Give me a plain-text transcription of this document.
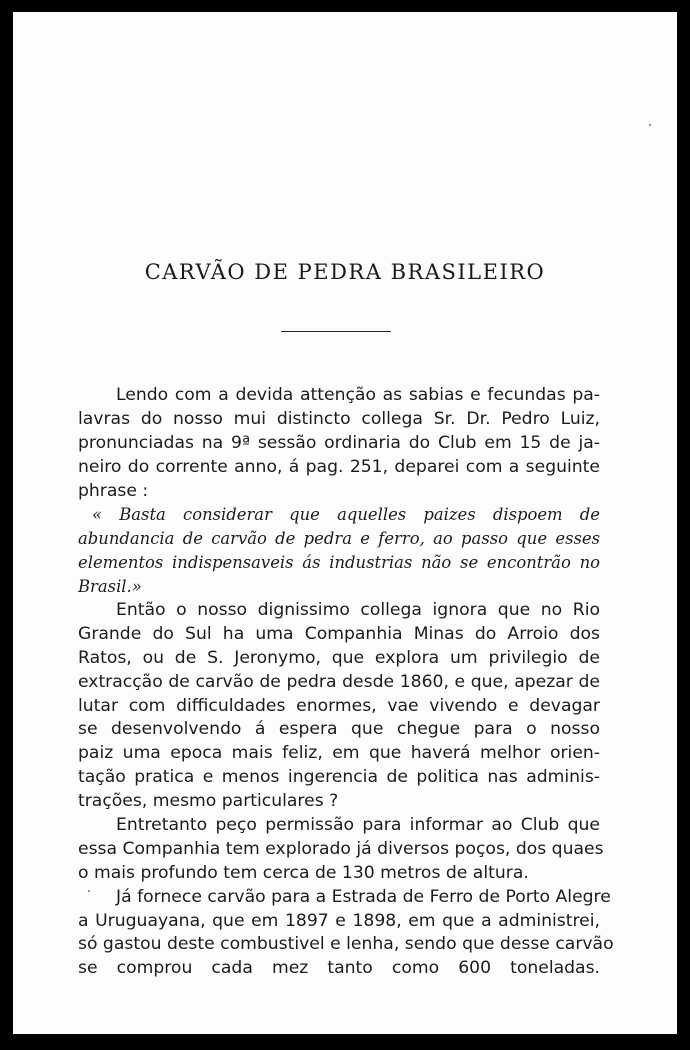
CARVÃO DE PEDRA BRASILEIRO
Lendo com a devida attenção as sabias e fecundas pa-
lavras do nosso mui distincto collega Sr. Dr. Pedro Luiz,
pronunciadas na 9ª sessão ordinaria do Club em 15 de ja-
neiro do corrente anno, á pag. 251, deparei com a seguinte
phrase :
« Basta considerar que aquelles paizes dispoem de
abundancia de carvão de pedra e ferro, ao passo que esses
elementos indispensaveis ás industrias não se encontrão no
Brasil.»
Então o nosso dignissimo collega ignora que no Rio
Grande do Sul ha uma Companhia Minas do Arroio dos
Ratos, ou de S. Jeronymo, que explora um privilegio de
extracção de carvão de pedra desde 1860, e que, apezar de
lutar com difficuldades enormes, vae vivendo e devagar
se desenvolvendo á espera que chegue para o nosso
paiz uma epoca mais feliz, em que haverá melhor orien-
tação pratica e menos ingerencia de politica nas adminis-
trações, mesmo particulares ?
Entretanto peço permissão para informar ao Club que
essa Companhia tem explorado já diversos poços, dos quaes
o mais profundo tem cerca de 130 metros de altura.
Já fornece carvão para a Estrada de Ferro de Porto Alegre
a Uruguayana, que em 1897 e 1898, em que a administrei,
só gastou deste combustivel e lenha, sendo que desse carvão
se comprou cada mez tanto como 600 toneladas.
